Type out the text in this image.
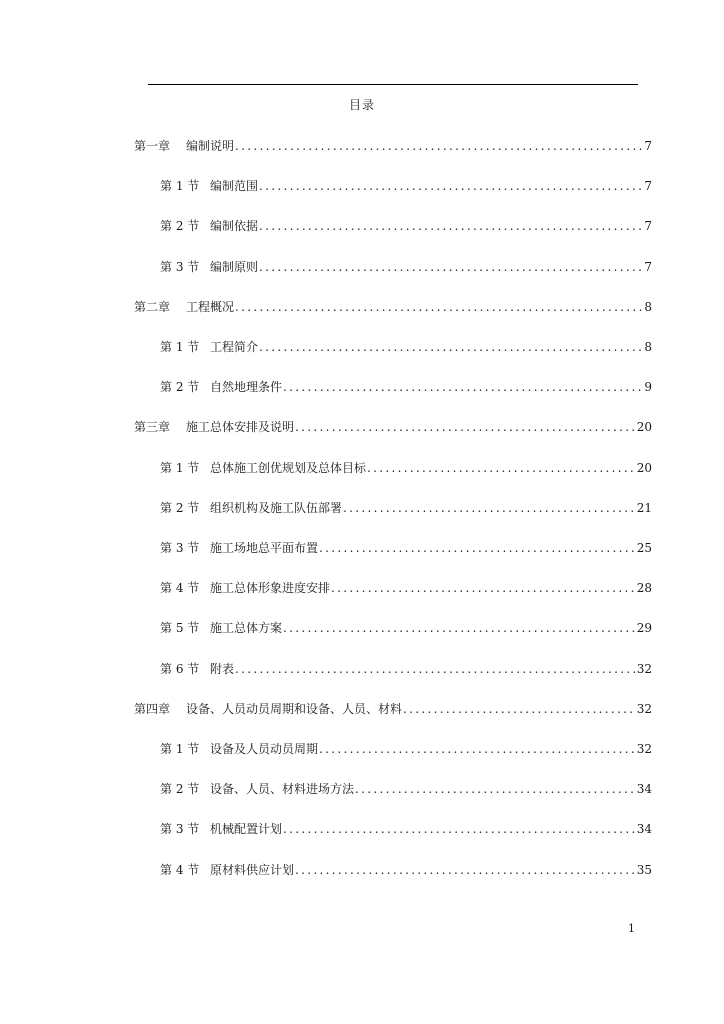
目录
第一章	编制说明 .....	7
第 1 节 编制范围 .....	7
第 2 节 编制依据 .....	7
第 3 节 编制原则 .....	7
第二章	工程概况 .....	8
第 1 节 工程简介 .....	8
第 2 节 自然地理条件 .....	9
第三章	施工总体安排及说明 .....	20
第 1 节 总体施工创优规划及总体目标 .....	20
第 2 节 组织机构及施工队伍部署 .....	21
第 3 节 施工场地总平面布置 .....	25
第 4 节 施工总体形象进度安排 .....	28
第 5 节 施工总体方案 .....	29
第 6 节 附表 .....	32
第四章	设备、人员动员周期和设备、人员、材料 .....	32
第 1 节 设备及人员动员周期 .....	32
第 2 节 设备、人员、材料进场方法 .....	34
第 3 节 机械配置计划 .....	34
第 4 节 原材料供应计划 .....	35
1
